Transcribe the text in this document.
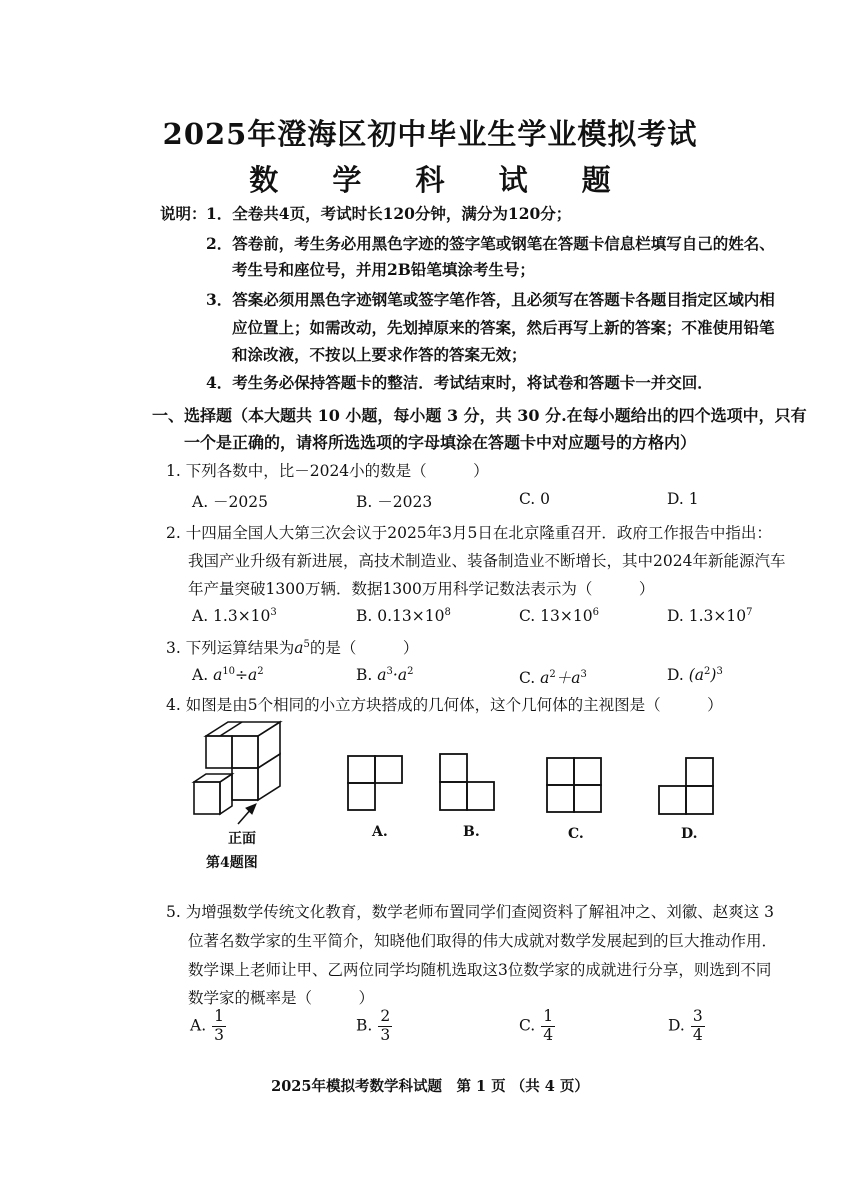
2025年澄海区初中毕业生学业模拟考试
数 学 科 试 题
说明： 1．全卷共4页，考试时长120分钟，满分为120分；
2．答卷前，考生务必用黑色字迹的签字笔或钢笔在答题卡信息栏填写自己的姓名、
考生号和座位号，并用2B铅笔填涂考生号；
3．答案必须用黑色字迹钢笔或签字笔作答，且必须写在答题卡各题目指定区域内相
应位置上；如需改动，先划掉原来的答案，然后再写上新的答案；不准使用铅笔
和涂改液，不按以上要求作答的答案无效；
4．考生务必保持答题卡的整洁．考试结束时，将试卷和答题卡一并交回．
一、选择题（本大题共 10 小题，每小题 3 分，共 30 分.在每小题给出的四个选项中，只有
一个是正确的，请将所选选项的字母填涂在答题卡中对应题号的方格内）
1. 下列各数中，比－2024小的数是（　　　）
A. －2025	B. －2023	C. 0	D. 1
2. 十四届全国人大第三次会议于2025年3月5日在北京隆重召开．政府工作报告中指出：
我国产业升级有新进展，高技术制造业、装备制造业不断增长，其中2024年新能源汽车
年产量突破1300万辆．数据1300万用科学记数法表示为（　　　）
A. $1.3\times 10^3$	B. $0.13\times 10^8$	C. $13\times 10^6$	D. $1.3\times 10^7$
3. 下列运算结果为$a^5$的是（　　　）
A. $a^{10}\div a^2$	B. $a^3\cdot a^2$	C. $a^2+a^3$	D. $(a^2)^3$
4. 如图是由5个相同的小立方块搭成的几何体，这个几何体的主视图是（　　　）
正面
第4题图
A.	B.	C.	D.
5. 为增强数学传统文化教育，数学老师布置同学们查阅资料了解祖冲之、刘徽、赵爽这 3
位著名数学家的生平简介，知晓他们取得的伟大成就对数学发展起到的巨大推动作用．
数学课上老师让甲、乙两位同学均随机选取这3位数学家的成就进行分享，则选到不同
数学家的概率是（　　　）
A. $\frac{1}{3}$	B. $\frac{2}{3}$	C. $\frac{1}{4}$	D. $\frac{3}{4}$
2025年模拟考数学科试题　第 1 页 （共 4 页）
